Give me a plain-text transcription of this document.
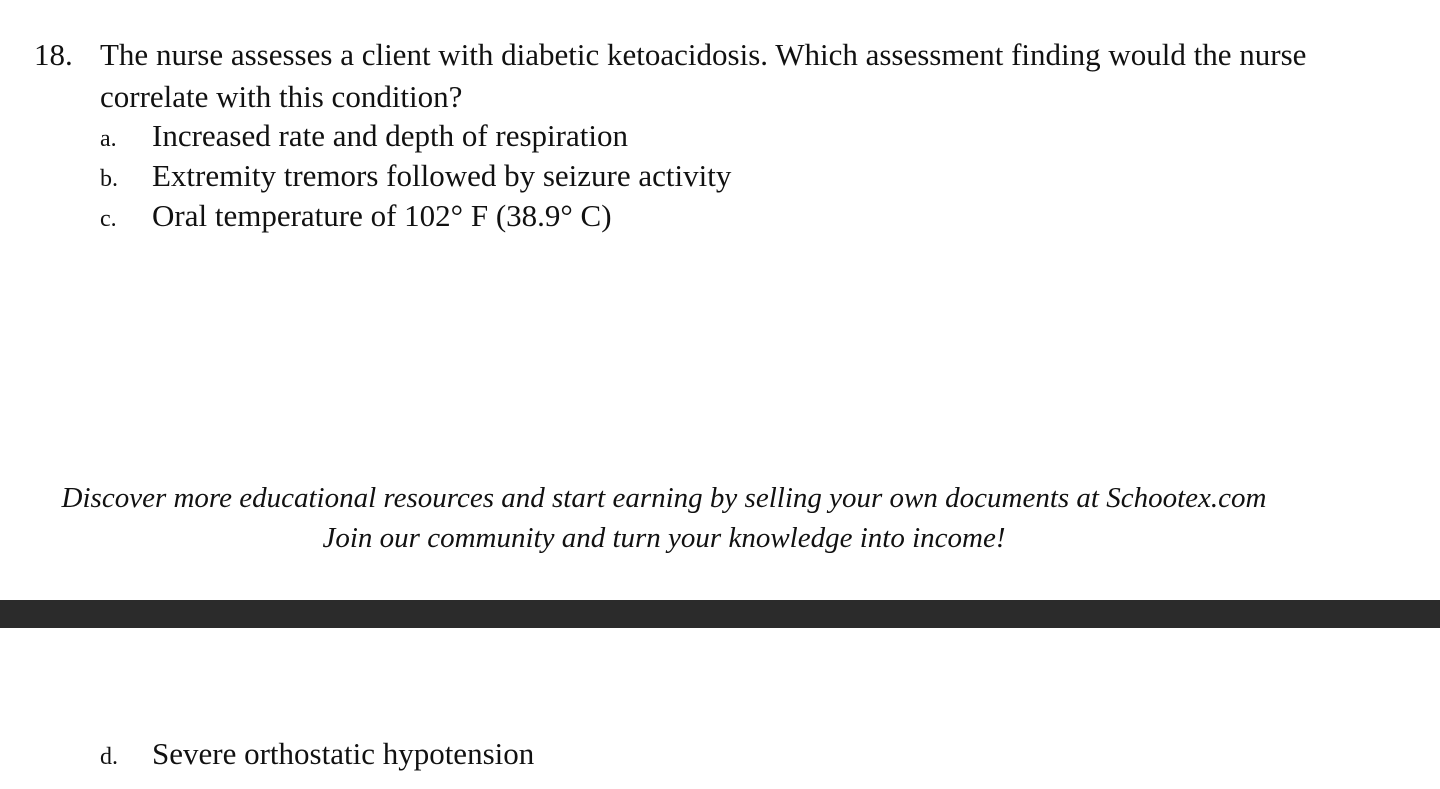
18. The nurse assesses a client with diabetic ketoacidosis. Which assessment finding would the nurse correlate with this condition?
a. Increased rate and depth of respiration
b. Extremity tremors followed by seizure activity
c. Oral temperature of 102° F (38.9° C)
Discover more educational resources and start earning by selling your own documents at Schootex.com
Join our community and turn your knowledge into income!
d. Severe orthostatic hypotension
